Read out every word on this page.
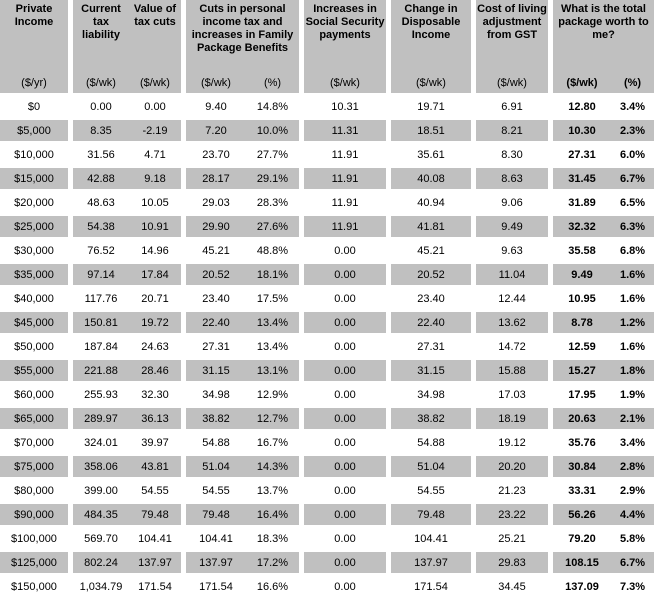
Private Income	Current tax liability	Value of tax cuts	Cuts in personal income tax and increases in Family Package Benefits		Increases in Social Security payments	Change in Disposable Income	Cost of living adjustment from GST	What is the total package worth to me?	
($/yr)	($/wk)	($/wk)	($/wk)	(%)	($/wk)	($/wk)	($/wk)	($/wk)	(%)
$0	0.00	0.00	9.40	14.8%	10.31	19.71	6.91	12.80	3.4%
$5,000	8.35	-2.19	7.20	10.0%	11.31	18.51	8.21	10.30	2.3%
$10,000	31.56	4.71	23.70	27.7%	11.91	35.61	8.30	27.31	6.0%
$15,000	42.88	9.18	28.17	29.1%	11.91	40.08	8.63	31.45	6.7%
$20,000	48.63	10.05	29.03	28.3%	11.91	40.94	9.06	31.89	6.5%
$25,000	54.38	10.91	29.90	27.6%	11.91	41.81	9.49	32.32	6.3%
$30,000	76.52	14.96	45.21	48.8%	0.00	45.21	9.63	35.58	6.8%
$35,000	97.14	17.84	20.52	18.1%	0.00	20.52	11.04	9.49	1.6%
$40,000	117.76	20.71	23.40	17.5%	0.00	23.40	12.44	10.95	1.6%
$45,000	150.81	19.72	22.40	13.4%	0.00	22.40	13.62	8.78	1.2%
$50,000	187.84	24.63	27.31	13.4%	0.00	27.31	14.72	12.59	1.6%
$55,000	221.88	28.46	31.15	13.1%	0.00	31.15	15.88	15.27	1.8%
$60,000	255.93	32.30	34.98	12.9%	0.00	34.98	17.03	17.95	1.9%
$65,000	289.97	36.13	38.82	12.7%	0.00	38.82	18.19	20.63	2.1%
$70,000	324.01	39.97	54.88	16.7%	0.00	54.88	19.12	35.76	3.4%
$75,000	358.06	43.81	51.04	14.3%	0.00	51.04	20.20	30.84	2.8%
$80,000	399.00	54.55	54.55	13.7%	0.00	54.55	21.23	33.31	2.9%
$90,000	484.35	79.48	79.48	16.4%	0.00	79.48	23.22	56.26	4.4%
$100,000	569.70	104.41	104.41	18.3%	0.00	104.41	25.21	79.20	5.8%
$125,000	802.24	137.97	137.97	17.2%	0.00	137.97	29.83	108.15	6.7%
$150,000	1,034.79	171.54	171.54	16.6%	0.00	171.54	34.45	137.09	7.3%
